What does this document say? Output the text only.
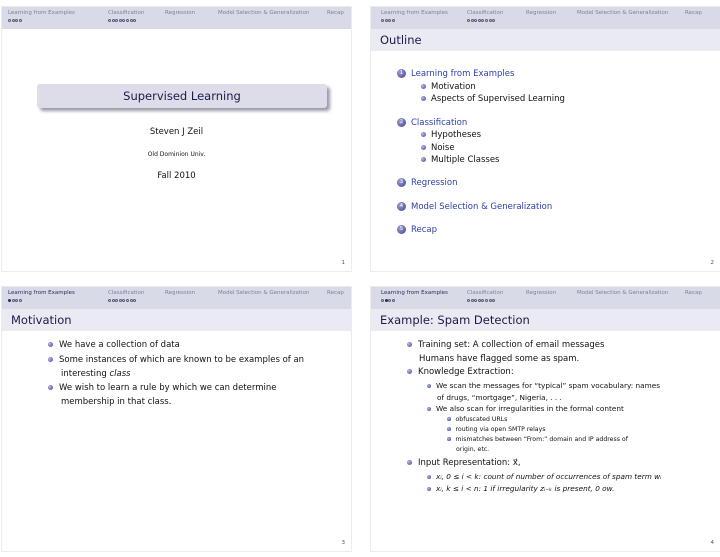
Learning from Examples	Classification	Regression	Model Selection & Generalization	Recap
Supervised Learning
Steven J Zeil
Old Dominion Univ.
Fall 2010
1
Learning from Examples	Classification	Regression	Model Selection & Generalization	Recap
Outline
1 Learning from Examples
Motivation
Aspects of Supervised Learning
2 Classification
Hypotheses
Noise
Multiple Classes
3 Regression
4 Model Selection & Generalization
5 Recap
2
Learning from Examples	Classification	Regression	Model Selection & Generalization	Recap
Motivation
We have a collection of data
Some instances of which are known to be examples of an
interesting class
We wish to learn a rule by which we can determine
membership in that class.
3
Learning from Examples	Classification	Regression	Model Selection & Generalization	Recap
Example: Spam Detection
Training set: A collection of email messages
Humans have flagged some as spam.
Knowledge Extraction:
We scan the messages for “typical” spam vocabulary: names
of drugs, “mortgage”, Nigeria, . . .
We also scan for irregularities in the formal content
obfuscated URLs
routing via open SMTP relays
mismatches between “From:” domain and IP address of
origin, etc.
Input Representation: x⃗,
xᵢ, 0 ≤ i < k: count of number of occurrences of spam term wᵢ
xᵢ, k ≤ i < n: 1 if irregularity zᵢ₋ₖ is present, 0 ow.
4
